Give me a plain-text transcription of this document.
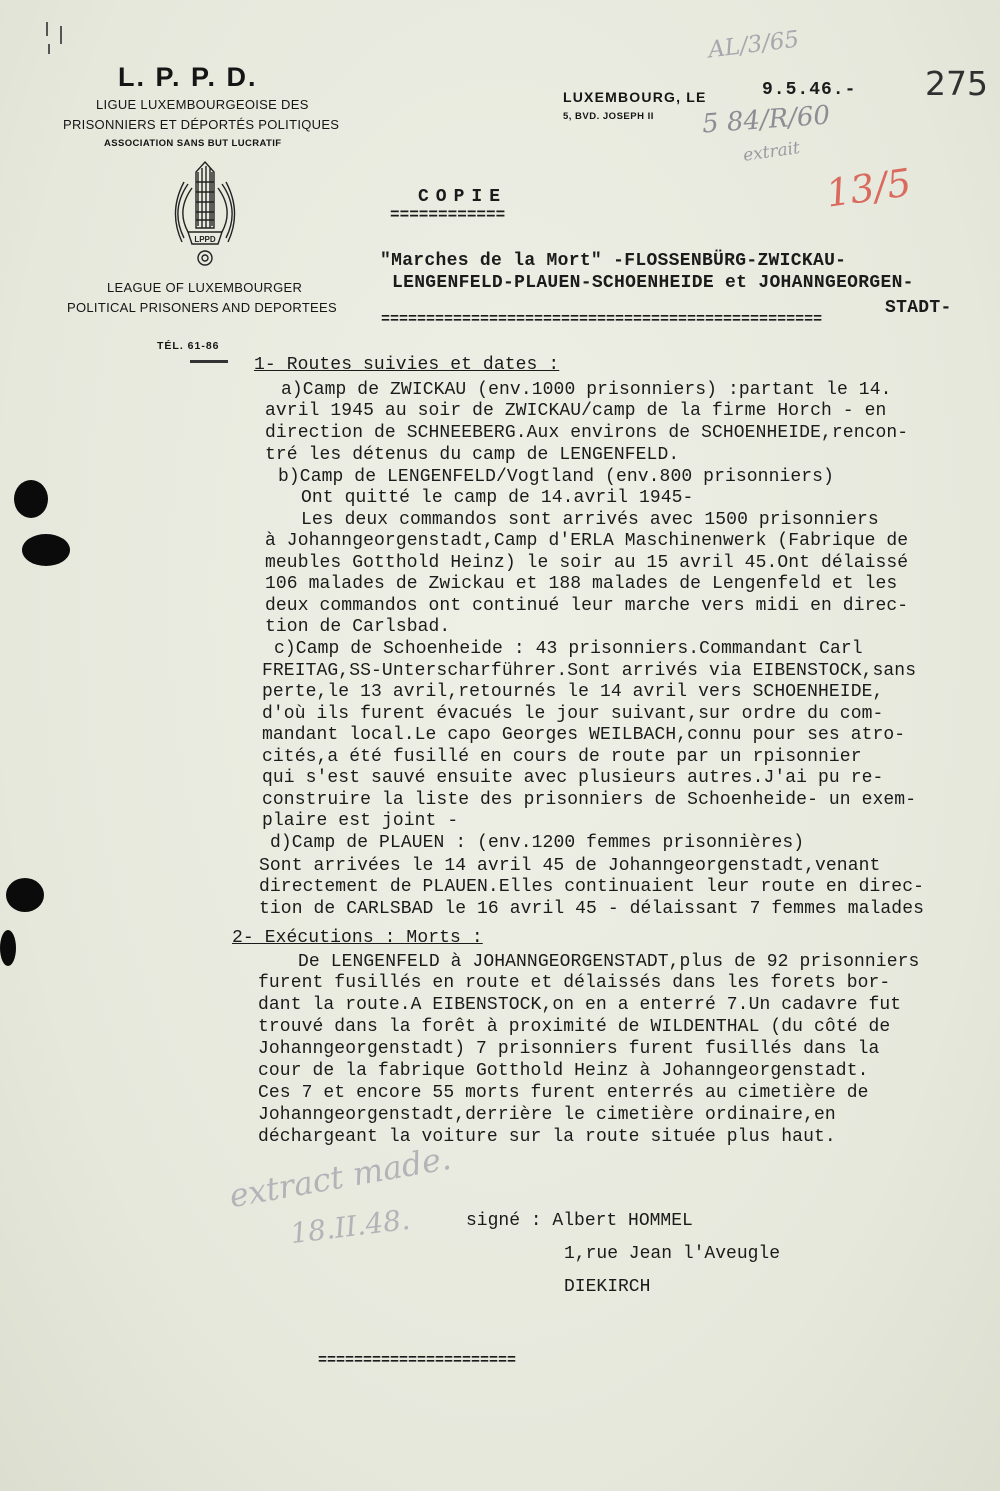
AL/3/65
275
5 84/R/60
extrait
13/5
L. P. P. D.
LIGUE LUXEMBOURGEOISE DES
PRISONNIERS ET DÉPORTÉS POLITIQUES
ASSOCIATION SANS BUT LUCRATIF
LPPD
LEAGUE OF LUXEMBOURGER
POLITICAL PRISONERS AND DEPORTEES
TÉL. 61-86
LUXEMBOURG, LE
5, BVD. JOSEPH II
9.5.46.-
COPIE
============
"Marches de la Mort" -FLOSSENBÜRG-ZWICKAU-
LENGENFELD-PLAUEN-SCHOENHEIDE et JOHANNGEORGEN-
STADT-
=================================================
1- Routes suivies et dates :
a)Camp de ZWICKAU (env.1000 prisonniers) :partant le 14.
avril 1945 au soir de ZWICKAU/camp de la firme Horch - en
direction de SCHNEEBERG.Aux environs de SCHOENHEIDE,rencon-
tré les détenus du camp de LENGENFELD.
b)Camp de LENGENFELD/Vogtland (env.800 prisonniers)
Ont quitté le camp de 14.avril 1945-
Les deux commandos sont arrivés avec 1500 prisonniers
à Johanngeorgenstadt,Camp d'ERLA Maschinenwerk (Fabrique de
meubles Gotthold Heinz) le soir au 15 avril 45.Ont délaissé
106 malades de Zwickau et 188 malades de Lengenfeld et les
deux commandos ont continué leur marche vers midi en direc-
tion de Carlsbad.
c)Camp de Schoenheide : 43 prisonniers.Commandant Carl
FREITAG,SS-Unterscharführer.Sont arrivés via EIBENSTOCK,sans
perte,le 13 avril,retournés le 14 avril vers SCHOENHEIDE,
d'où ils furent évacués le jour suivant,sur ordre du com-
mandant local.Le capo Georges WEILBACH,connu pour ses atro-
cités,a été fusillé en cours de route par un rpisonnier
qui s'est sauvé ensuite avec plusieurs autres.J'ai pu re-
construire la liste des prisonniers de Schoenheide- un exem-
plaire est joint -
d)Camp de PLAUEN : (env.1200 femmes prisonnières)
Sont arrivées le 14 avril 45 de Johanngeorgenstadt,venant
directement de PLAUEN.Elles continuaient leur route en direc-
tion de CARLSBAD le 16 avril 45 - délaissant 7 femmes malades
2- Exécutions : Morts :
De LENGENFELD à JOHANNGEORGENSTADT,plus de 92 prisonniers
furent fusillés en route et délaissés dans les forets bor-
dant la route.A EIBENSTOCK,on en a enterré 7.Un cadavre fut
trouvé dans la forêt à proximité de WILDENTHAL (du côté de
Johanngeorgenstadt) 7 prisonniers furent fusillés dans la
cour de la fabrique Gotthold Heinz à Johanngeorgenstadt.
Ces 7 et encore 55 morts furent enterrés au cimetière de
Johanngeorgenstadt,derrière le cimetière ordinaire,en
déchargeant la voiture sur la route située plus haut.
extract made.
18.II.48.	signé : Albert HOMMEL
1,rue Jean l'Aveugle
DIEKIRCH
======================
